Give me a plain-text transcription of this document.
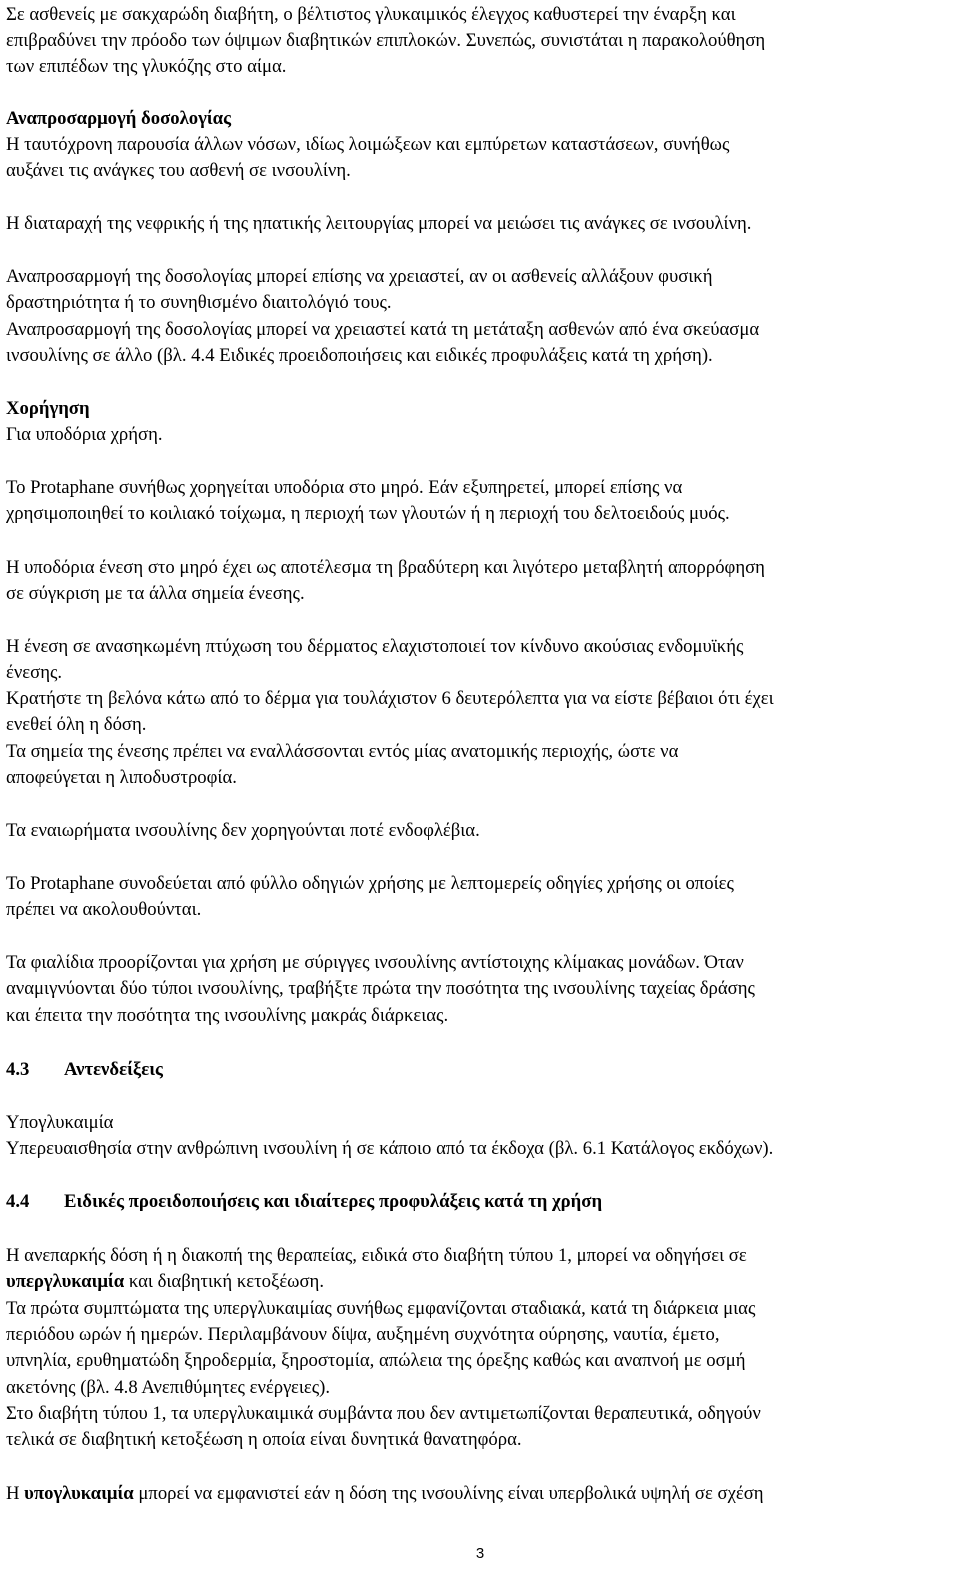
Σε ασθενείς με σακχαρώδη διαβήτη, ο βέλτιστος γλυκαιμικός έλεγχος καθυστερεί την έναρξη και
επιβραδύνει την πρόοδο των όψιμων διαβητικών επιπλοκών. Συνεπώς, συνιστάται η παρακολούθηση
των επιπέδων της γλυκόζης στο αίμα.
Αναπροσαρμογή δοσολογίας
Η ταυτόχρονη παρουσία άλλων νόσων, ιδίως λοιμώξεων και εμπύρετων καταστάσεων, συνήθως
αυξάνει τις ανάγκες του ασθενή σε ινσουλίνη.
Η διαταραχή της νεφρικής ή της ηπατικής λειτουργίας μπορεί να μειώσει τις ανάγκες σε ινσουλίνη.
Αναπροσαρμογή της δοσολογίας μπορεί επίσης να χρειαστεί, αν οι ασθενείς αλλάξουν φυσική
δραστηριότητα ή το συνηθισμένο διαιτολόγιό τους.
Αναπροσαρμογή της δοσολογίας μπορεί να χρειαστεί κατά τη μετάταξη ασθενών από ένα σκεύασμα
ινσουλίνης σε άλλο (βλ. 4.4 Ειδικές προειδοποιήσεις και ειδικές προφυλάξεις κατά τη χρήση).
Χορήγηση
Για υποδόρια χρήση.
Το Protaphane συνήθως χορηγείται υποδόρια στο μηρό. Εάν εξυπηρετεί, μπορεί επίσης να
χρησιμοποιηθεί το κοιλιακό τοίχωμα, η περιοχή των γλουτών ή η περιοχή του δελτοειδούς μυός.
Η υποδόρια ένεση στο μηρό έχει ως αποτέλεσμα τη βραδύτερη και λιγότερο μεταβλητή απορρόφηση
σε σύγκριση με τα άλλα σημεία ένεσης.
Η ένεση σε ανασηκωμένη πτύχωση του δέρματος ελαχιστοποιεί τον κίνδυνο ακούσιας ενδομυϊκής
ένεσης.
Κρατήστε τη βελόνα κάτω από το δέρμα για τουλάχιστον 6 δευτερόλεπτα για να είστε βέβαιοι ότι έχει
ενεθεί όλη η δόση.
Τα σημεία της ένεσης πρέπει να εναλλάσσονται εντός μίας ανατομικής περιοχής, ώστε να
αποφεύγεται η λιποδυστροφία.
Τα εναιωρήματα ινσουλίνης δεν χορηγούνται ποτέ ενδοφλέβια.
Το Protaphane συνοδεύεται από φύλλο οδηγιών χρήσης με λεπτομερείς οδηγίες χρήσης οι οποίες
πρέπει να ακολουθούνται.
Τα φιαλίδια προορίζονται για χρήση με σύριγγες ινσουλίνης αντίστοιχης κλίμακας μονάδων. Όταν
αναμιγνύονται δύο τύποι ινσουλίνης, τραβήξτε πρώτα την ποσότητα της ινσουλίνης ταχείας δράσης
και έπειτα την ποσότητα της ινσουλίνης μακράς διάρκειας.
4.3 Αντενδείξεις
Υπογλυκαιμία
Υπερευαισθησία στην ανθρώπινη ινσουλίνη ή σε κάποιο από τα έκδοχα (βλ. 6.1 Κατάλογος εκδόχων).
4.4 Ειδικές προειδοποιήσεις και ιδιαίτερες προφυλάξεις κατά τη χρήση
Η ανεπαρκής δόση ή η διακοπή της θεραπείας, ειδικά στο διαβήτη τύπου 1, μπορεί να οδηγήσει σε
υπεργλυκαιμία και διαβητική κετοξέωση.
Τα πρώτα συμπτώματα της υπεργλυκαιμίας συνήθως εμφανίζονται σταδιακά, κατά τη διάρκεια μιας
περιόδου ωρών ή ημερών. Περιλαμβάνουν δίψα, αυξημένη συχνότητα ούρησης, ναυτία, έμετο,
υπνηλία, ερυθηματώδη ξηροδερμία, ξηροστομία, απώλεια της όρεξης καθώς και αναπνοή με οσμή
ακετόνης (βλ. 4.8 Ανεπιθύμητες ενέργειες).
Στο διαβήτη τύπου 1, τα υπεργλυκαιμικά συμβάντα που δεν αντιμετωπίζονται θεραπευτικά, οδηγούν
τελικά σε διαβητική κετοξέωση η οποία είναι δυνητικά θανατηφόρα.
Η υπογλυκαιμία μπορεί να εμφανιστεί εάν η δόση της ινσουλίνης είναι υπερβολικά υψηλή σε σχέση
3
